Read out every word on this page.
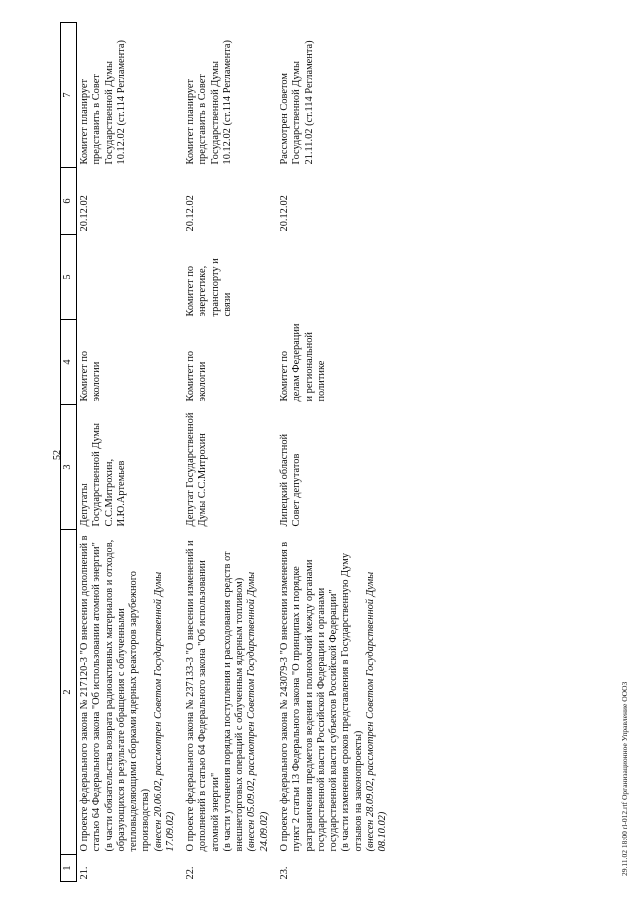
52
1	2	3	4	5	6	7
21.	О проекте федерального закона № 217120-3 "О внесении дополнений в статью 64 Федерального закона "Об использовании атомной энергии" (в части обязательства возврата радиоактивных материалов и отходов, образующихся в результате обращения с облученными тепловыделяющими сборками ядерных реакторов зарубежного производства) (внесен 20.06.02, рассмотрен Советом Государственной Думы 17.09.02)	Депутаты Государственной Думы С.С.Митрохин, И.Ю.Артемьев	Комитет по экологии		20.12.02	Комитет планирует представить в Совет Государственной Думы 10.12.02 (ст.114 Регламента)
22.	О проекте федерального закона № 237133-3 "О внесении изменений и дополнений в статью 64 Федерального закона "Об использовании атомной энергии" (в части уточнения порядка поступления и расходования средств от внешнеторговых операций с облученным ядерным топливом) (внесен 05.09.02, рассмотрен Советом Государственной Думы 24.09.02)	Депутат Государственной Думы С.С.Митрохин	Комитет по экологии	Комитет по энергетике, транспорту и связи	20.12.02	Комитет планирует представить в Совет Государственной Думы 10.12.02 (ст.114 Регламента)
23.	О проекте федерального закона № 243079-3 "О внесении изменения в пункт 2 статьи 13 Федерального закона "О принципах и порядке разграничения предметов ведения и полномочий между органами государственной власти Российской Федерации и органами государственной власти субъектов Российской Федерации" (в части изменения сроков представления в Государственную Думу отзывов на законопроекты) (внесен 28.09.02, рассмотрен Советом Государственной Думы 08.10.02)	Липецкий областной Совет депутатов	Комитет по делам Федерации и региональной политике		20.12.02	Рассмотрен Советом Государственной Думы 21.11.02 (ст.114 Регламента)
29.11.02 18:00 rl-012.rtf Организационное Управление ООО3
